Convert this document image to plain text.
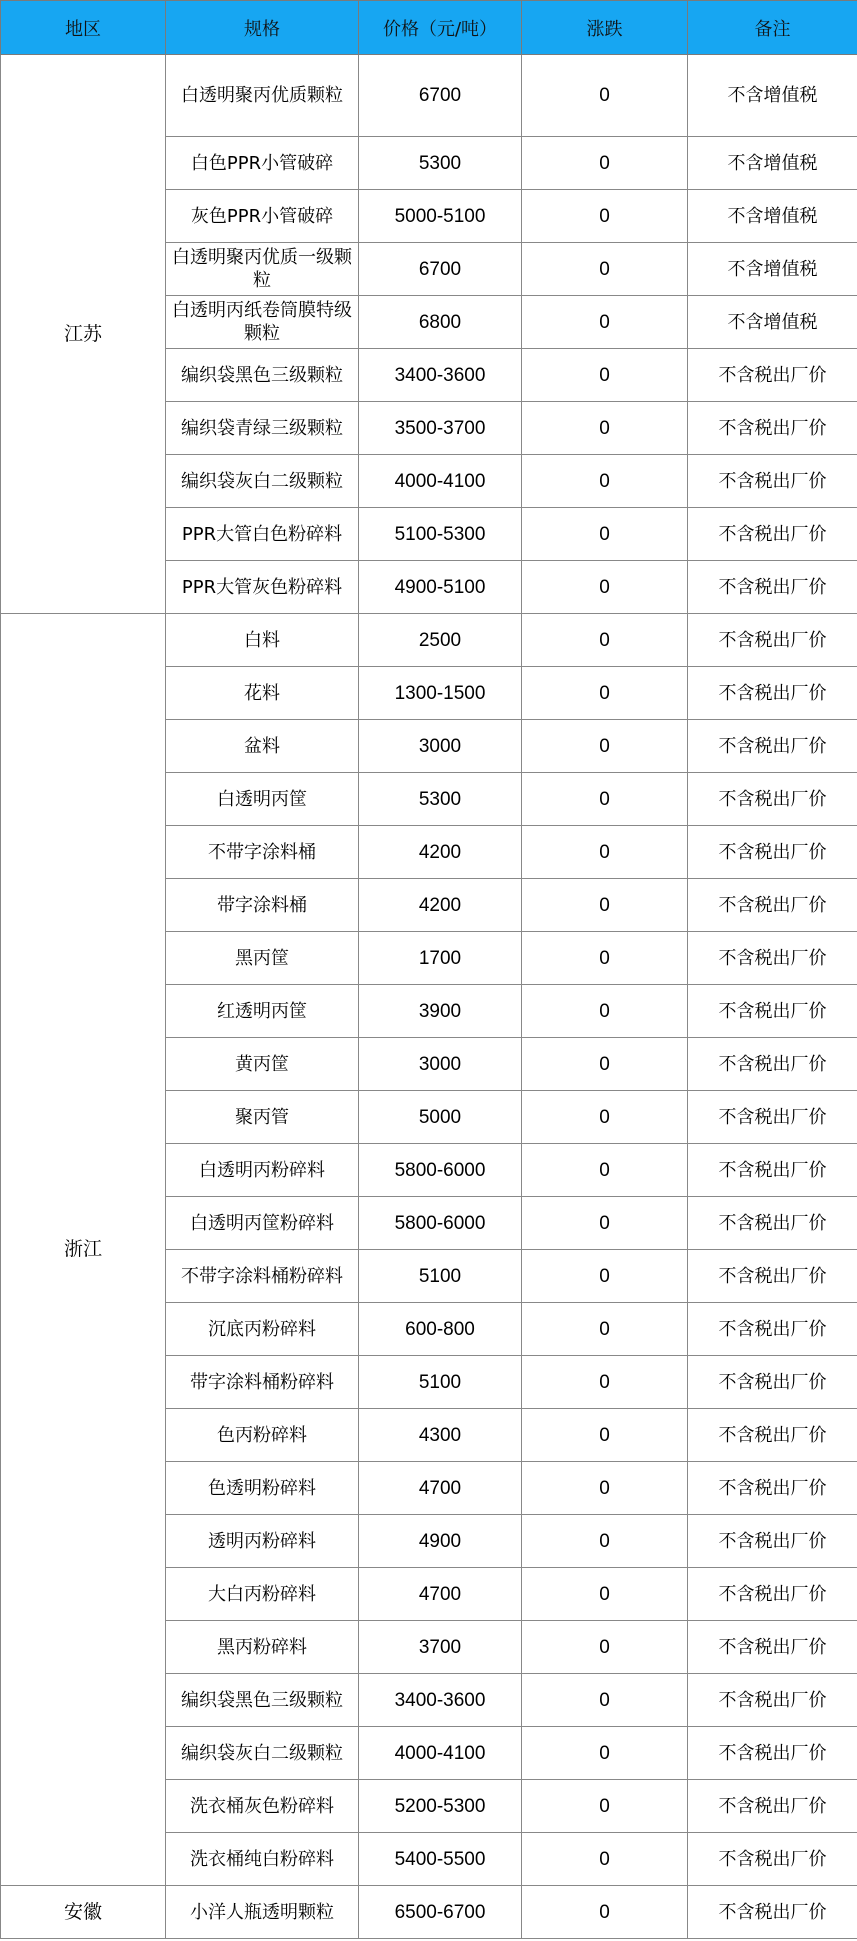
地区	规格	价格（元/吨）	涨跌	备注
江苏	白透明聚丙优质颗粒	6700	0	不含增值税
	白色PPR小管破碎	5300	0	不含增值税
	灰色PPR小管破碎	5000-5100	0	不含增值税
	白透明聚丙优质一级颗粒	6700	0	不含增值税
	白透明丙纸卷筒膜特级颗粒	6800	0	不含增值税
	编织袋黑色三级颗粒	3400-3600	0	不含税出厂价
	编织袋青绿三级颗粒	3500-3700	0	不含税出厂价
	编织袋灰白二级颗粒	4000-4100	0	不含税出厂价
	PPR大管白色粉碎料	5100-5300	0	不含税出厂价
	PPR大管灰色粉碎料	4900-5100	0	不含税出厂价
浙江	白料	2500	0	不含税出厂价
	花料	1300-1500	0	不含税出厂价
	盆料	3000	0	不含税出厂价
	白透明丙筐	5300	0	不含税出厂价
	不带字涂料桶	4200	0	不含税出厂价
	带字涂料桶	4200	0	不含税出厂价
	黑丙筐	1700	0	不含税出厂价
	红透明丙筐	3900	0	不含税出厂价
	黄丙筐	3000	0	不含税出厂价
	聚丙管	5000	0	不含税出厂价
	白透明丙粉碎料	5800-6000	0	不含税出厂价
	白透明丙筐粉碎料	5800-6000	0	不含税出厂价
	不带字涂料桶粉碎料	5100	0	不含税出厂价
	沉底丙粉碎料	600-800	0	不含税出厂价
	带字涂料桶粉碎料	5100	0	不含税出厂价
	色丙粉碎料	4300	0	不含税出厂价
	色透明粉碎料	4700	0	不含税出厂价
	透明丙粉碎料	4900	0	不含税出厂价
	大白丙粉碎料	4700	0	不含税出厂价
	黑丙粉碎料	3700	0	不含税出厂价
	编织袋黑色三级颗粒	3400-3600	0	不含税出厂价
	编织袋灰白二级颗粒	4000-4100	0	不含税出厂价
	洗衣桶灰色粉碎料	5200-5300	0	不含税出厂价
	洗衣桶纯白粉碎料	5400-5500	0	不含税出厂价
安徽	小洋人瓶透明颗粒	6500-6700	0	不含税出厂价
